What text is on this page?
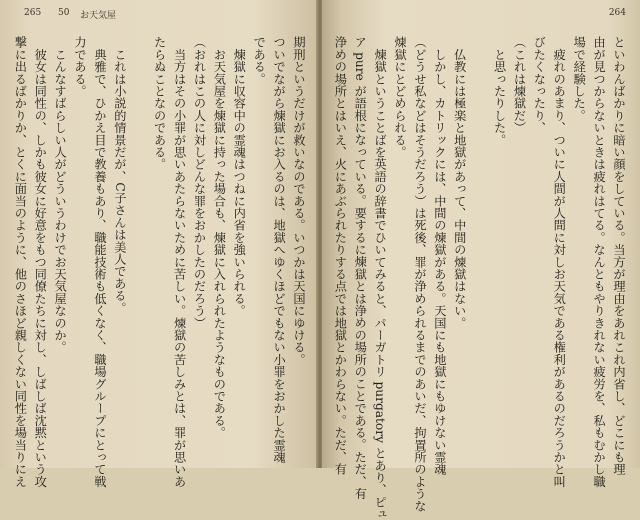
265 50 お天気屋
期刑というだけが救いなのである。いつかは天国にゆける。
ついでながら煉獄にお入るのは、地獄へゆくほどでもない小罪をおかした霊魂
である。
　煉獄に収容中の霊魂はつねに内省を強いられる。
　お天気屋を煉獄に持った場合も、煉獄に入れられたようなものである。
（おれはこの人に対しどんな罪をおかしたのだろう）
　当方はその小罪が思いあたらないために苦しい。煉獄の苦しみとは、罪が思いあ
たらぬことなのである。

　これは小説的情景だが、C子さんは美人である。
　典雅で、ひかえ目で教養もあり、職能技術も低くなく、職場グループにとって戦
力である。
　こんなすばらしい人がどういうわけでお天気屋なのか。
　彼女は同性の、しかも彼女に好意をもつ同僚たちに対し、しばしば沈黙という攻
撃に出るばかりか、とくに面当のように、他のさほど親しくない同性を場当りにえ
264
といわんばかりに暗い顔をしている。当方が理由をあれこれ内省し、どこにも理
由が見つからないときは疲れはてる。なんともやりきれない疲労を、私もむかし職
場で経験した。
　疲れのあまり、ついに人間が人間に対しお天気である権利があるのだろうかと叫
びたくなったり、
（これは煉獄だ）
　と思ったりした。

　仏教には極楽と地獄があって、中間の煉獄はない。
　しかし、カトリックには、中間の煉獄がある。天国にも地獄にもゆけない霊魂
（どうせ私などはそうだろう）は死後、罪が浄められるまでのあいだ、拘置所のような
煉獄にとどめられる。
　煉獄ということばを英語の辞書でひいてみると、パーガトリ purgatory とあり、ピュ
ア pure が語根になっている。要するに煉獄とは浄めの場所のことである。ただ、有
浄めの場所とはいえ、火にあぶられたりする点では地獄とかわらない。ただ、有
